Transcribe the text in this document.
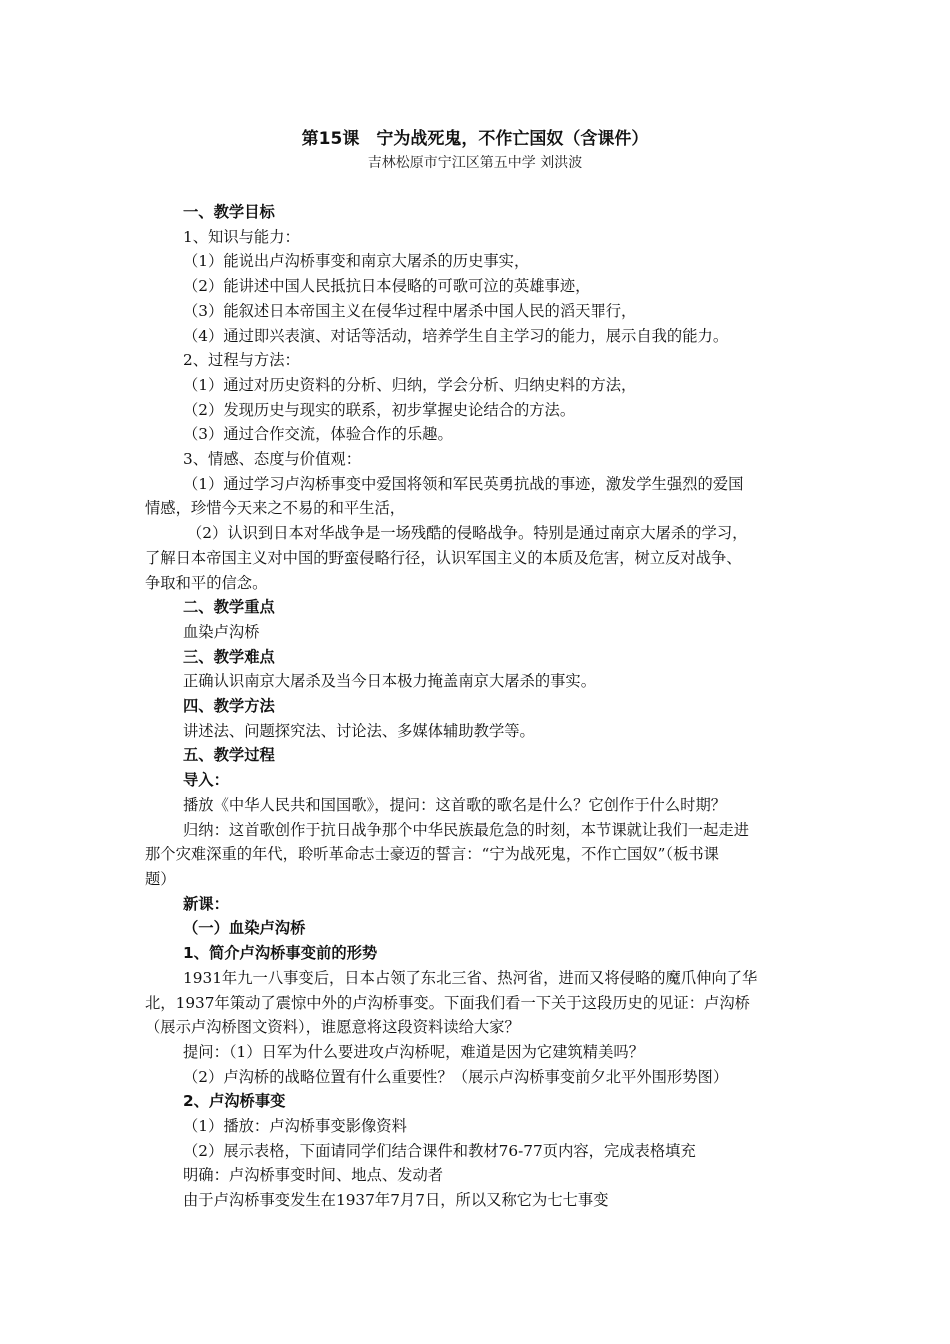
第15课　宁为战死鬼，不作亡国奴（含课件）
吉林松原市宁江区第五中学 刘洪波
一、教学目标
1、知识与能力：
（1）能说出卢沟桥事变和南京大屠杀的历史事实，
（2）能讲述中国人民抵抗日本侵略的可歌可泣的英雄事迹，
（3）能叙述日本帝国主义在侵华过程中屠杀中国人民的滔天罪行，
（4）通过即兴表演、对话等活动，培养学生自主学习的能力，展示自我的能力。
2、过程与方法：
（1）通过对历史资料的分析、归纳，学会分析、归纳史料的方法，
（2）发现历史与现实的联系，初步掌握史论结合的方法。
（3）通过合作交流，体验合作的乐趣。
3、情感、态度与价值观：
（1）通过学习卢沟桥事变中爱国将领和军民英勇抗战的事迹，激发学生强烈的爱国
情感，珍惜今天来之不易的和平生活，
（2）认识到日本对华战争是一场残酷的侵略战争。特别是通过南京大屠杀的学习，
了解日本帝国主义对中国的野蛮侵略行径，认识军国主义的本质及危害，树立反对战争、
争取和平的信念。
二、教学重点
血染卢沟桥
三、教学难点
正确认识南京大屠杀及当今日本极力掩盖南京大屠杀的事实。
四、教学方法
讲述法、问题探究法、讨论法、多媒体辅助教学等。
五、教学过程
导入：
播放《中华人民共和国国歌》，提问：这首歌的歌名是什么？它创作于什么时期？
归纳：这首歌创作于抗日战争那个中华民族最危急的时刻，本节课就让我们一起走进
那个灾难深重的年代，聆听革命志士豪迈的誓言：“宁为战死鬼，不作亡国奴”（板书课
题）
新课：
（一）血染卢沟桥
1、简介卢沟桥事变前的形势
1931年九一八事变后，日本占领了东北三省、热河省，进而又将侵略的魔爪伸向了华
北，1937年策动了震惊中外的卢沟桥事变。下面我们看一下关于这段历史的见证：卢沟桥
（展示卢沟桥图文资料），谁愿意将这段资料读给大家？
提问：（1）日军为什么要进攻卢沟桥呢，难道是因为它建筑精美吗？
（2）卢沟桥的战略位置有什么重要性？（展示卢沟桥事变前夕北平外围形势图）
2、卢沟桥事变
（1）播放：卢沟桥事变影像资料
（2）展示表格，下面请同学们结合课件和教材76-77页内容，完成表格填充
明确：卢沟桥事变时间、地点、发动者
由于卢沟桥事变发生在1937年7月7日，所以又称它为七七事变
